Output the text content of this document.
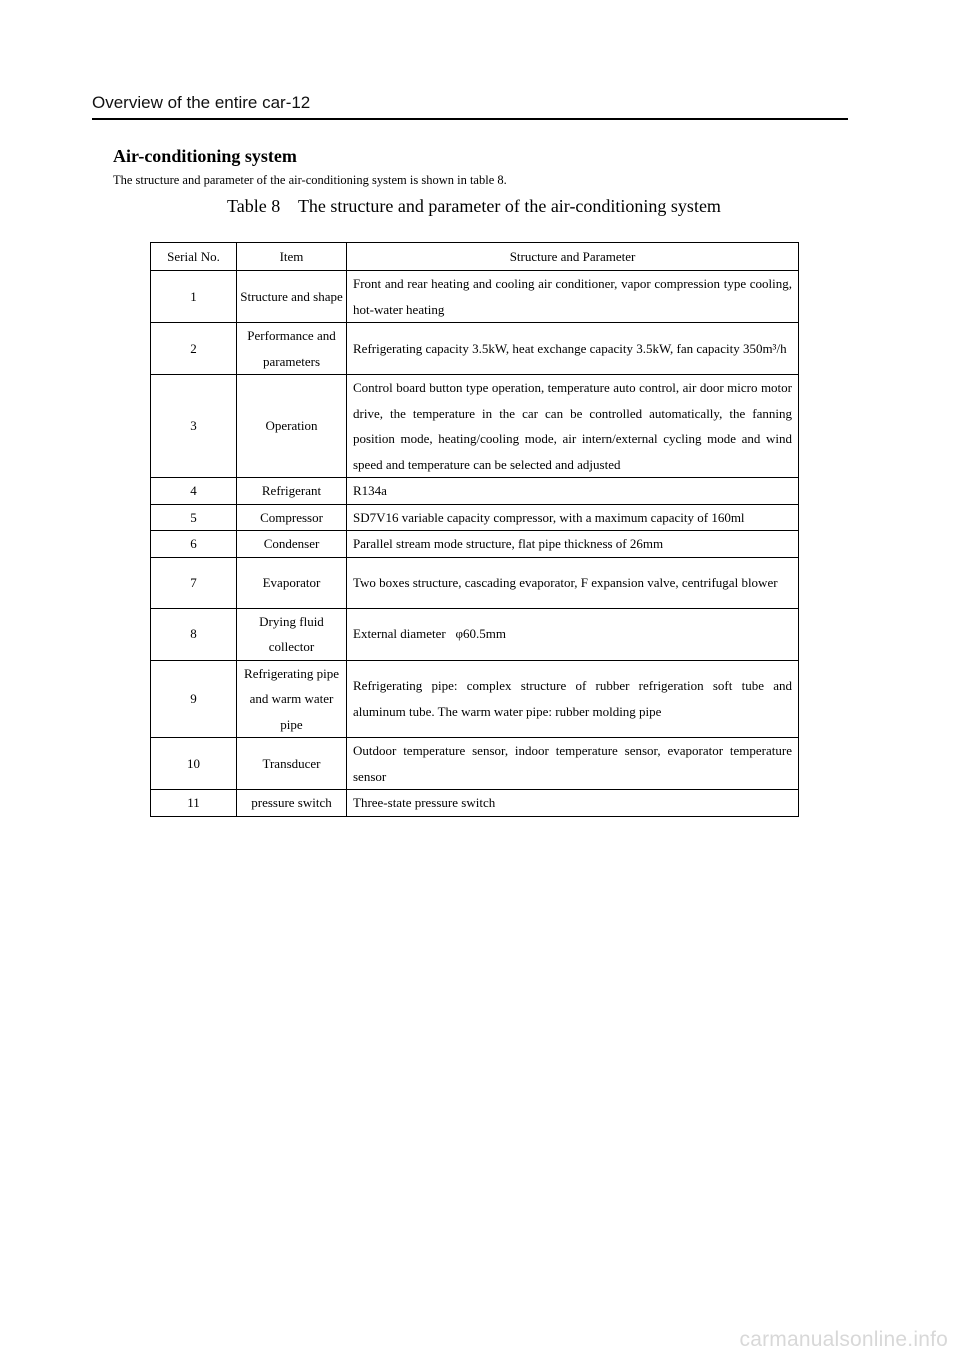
Overview of the entire car-12
Air-conditioning system
The structure and parameter of the air-conditioning system is shown in table 8.
Table 8    The structure and parameter of the air-conditioning system
Serial No.	Item	Structure and Parameter
1	Structure and shape	Front and rear heating and cooling air conditioner, vapor compression type cooling, hot-water heating
2	Performance and parameters	Refrigerating capacity 3.5kW, heat exchange capacity 3.5kW, fan capacity 350m³/h
3	Operation	Control board button type operation, temperature auto control, air door micro motor drive, the temperature in the car can be controlled automatically, the fanning position mode, heating/cooling mode, air intern/external cycling mode and wind speed and temperature can be selected and adjusted
4	Refrigerant	R134a
5	Compressor	SD7V16 variable capacity compressor, with a maximum capacity of 160ml
6	Condenser	Parallel stream mode structure, flat pipe thickness of 26mm
7	Evaporator	Two boxes structure, cascading evaporator, F expansion valve, centrifugal blower
8	Drying fluid collector	External diameter   φ60.5mm
9	Refrigerating pipe and warm water pipe	Refrigerating pipe: complex structure of rubber refrigeration soft tube and aluminum tube. The warm water pipe: rubber molding pipe
10	Transducer	Outdoor temperature sensor, indoor temperature sensor, evaporator temperature sensor
11	pressure switch	Three-state pressure switch
carmanualsonline.info
